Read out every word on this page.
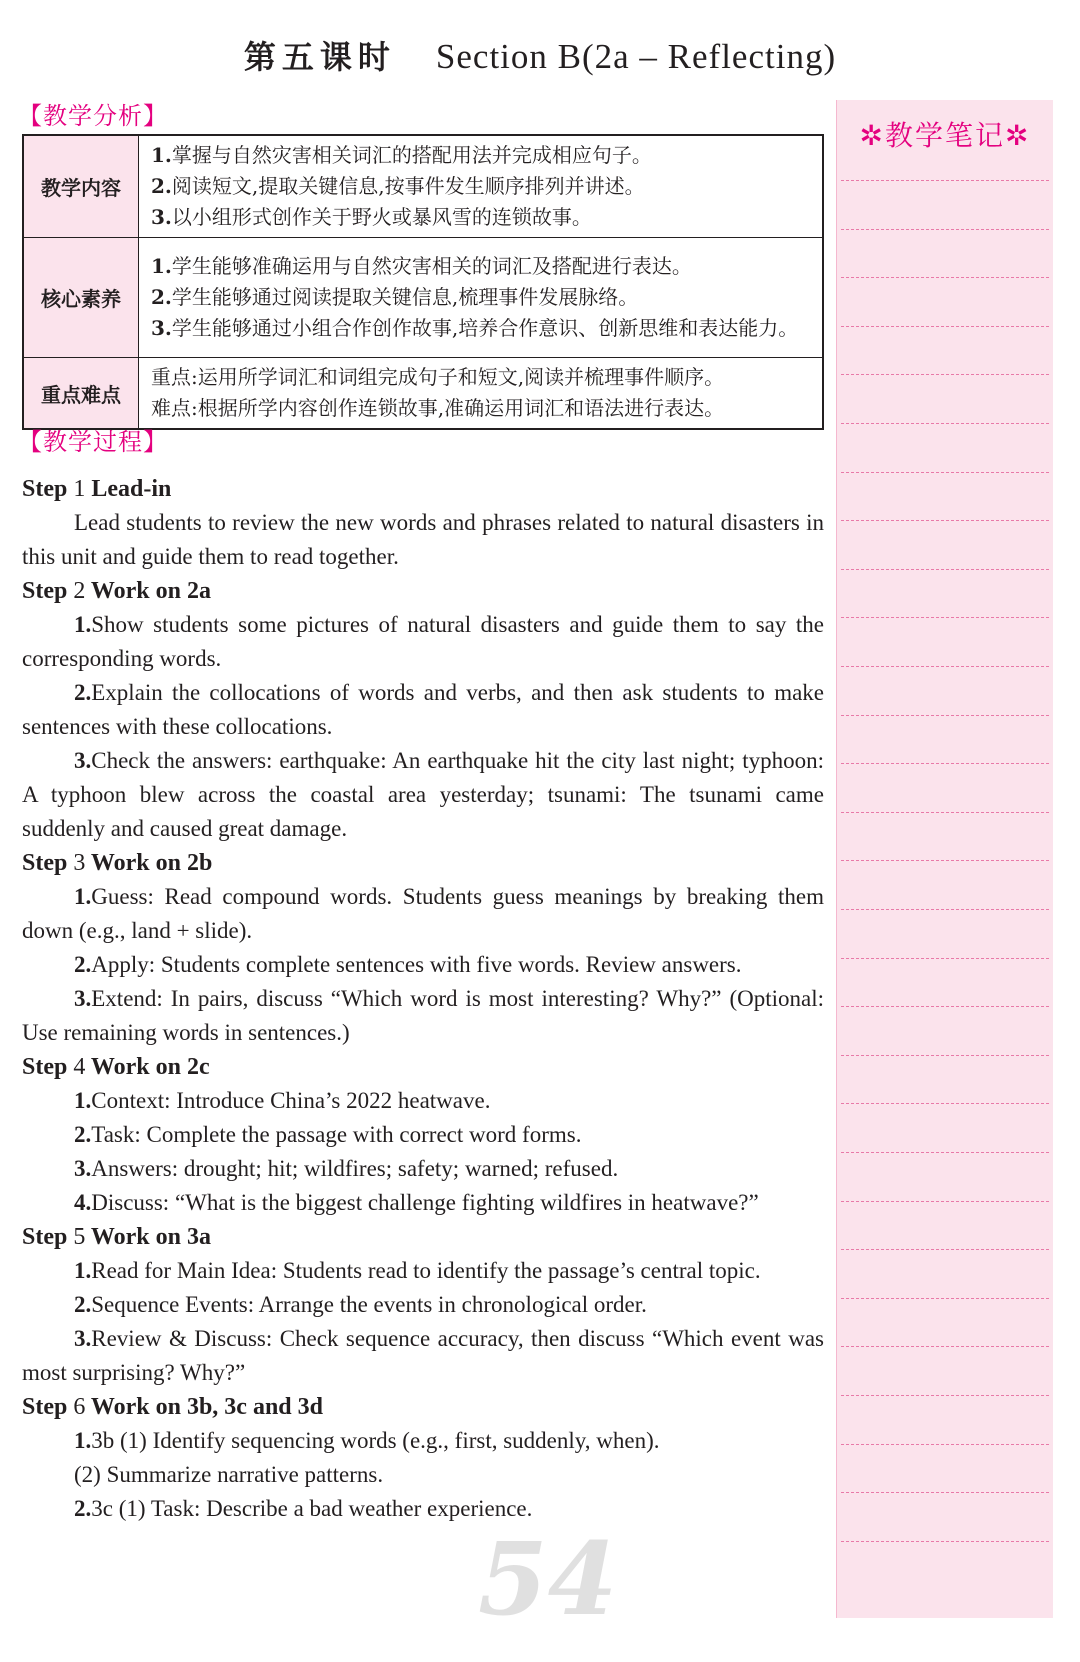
第五课时 Section B(2a – Reflecting)
【教学分析】
教学内容	1.掌握与自然灾害相关词汇的搭配用法并完成相应句子。
2.阅读短文,提取关键信息,按事件发生顺序排列并讲述。
3.以小组形式创作关于野火或暴风雪的连锁故事。

核心素养	1.学生能够准确运用与自然灾害相关的词汇及搭配进行表达。
2.学生能够通过阅读提取关键信息,梳理事件发展脉络。
3.学生能够通过小组合作创作故事,培养合作意识、创新思维和表达能力。

重点难点	重点:运用所学词汇和词组完成句子和短文,阅读并梳理事件顺序。
难点:根据所学内容创作连锁故事,准确运用词汇和语法进行表达。
【教学过程】
Step 1 Lead-in
Lead students to review the new words and phrases related to natural disasters in this unit and guide them to read together.
Step 2 Work on 2a
1.Show students some pictures of natural disasters and guide them to say the corresponding words.
2.Explain the collocations of words and verbs, and then ask students to make sentences with these collocations.
3.Check the answers: earthquake: An earthquake hit the city last night; typhoon: A typhoon blew across the coastal area yesterday; tsunami: The tsunami came suddenly and caused great damage.
Step 3 Work on 2b
1.Guess: Read compound words. Students guess meanings by breaking them down (e.g., land + slide).
2.Apply: Students complete sentences with five words. Review answers.
3.Extend: In pairs, discuss “Which word is most interesting? Why?” (Optional: Use remaining words in sentences.)
Step 4 Work on 2c
1.Context: Introduce China’s 2022 heatwave.
2.Task: Complete the passage with correct word forms.
3.Answers: drought; hit; wildfires; safety; warned; refused.
4.Discuss: “What is the biggest challenge fighting wildfires in heatwave?”
Step 5 Work on 3a
1.Read for Main Idea: Students read to identify the passage’s central topic.
2.Sequence Events: Arrange the events in chronological order.
3.Review & Discuss: Check sequence accuracy, then discuss “Which event was most surprising? Why?”
Step 6 Work on 3b, 3c and 3d
1.3b (1) Identify sequencing words (e.g., first, suddenly, when).
(2) Summarize narrative patterns.
2.3c (1) Task: Describe a bad weather experience.
✲教学笔记✲
54
